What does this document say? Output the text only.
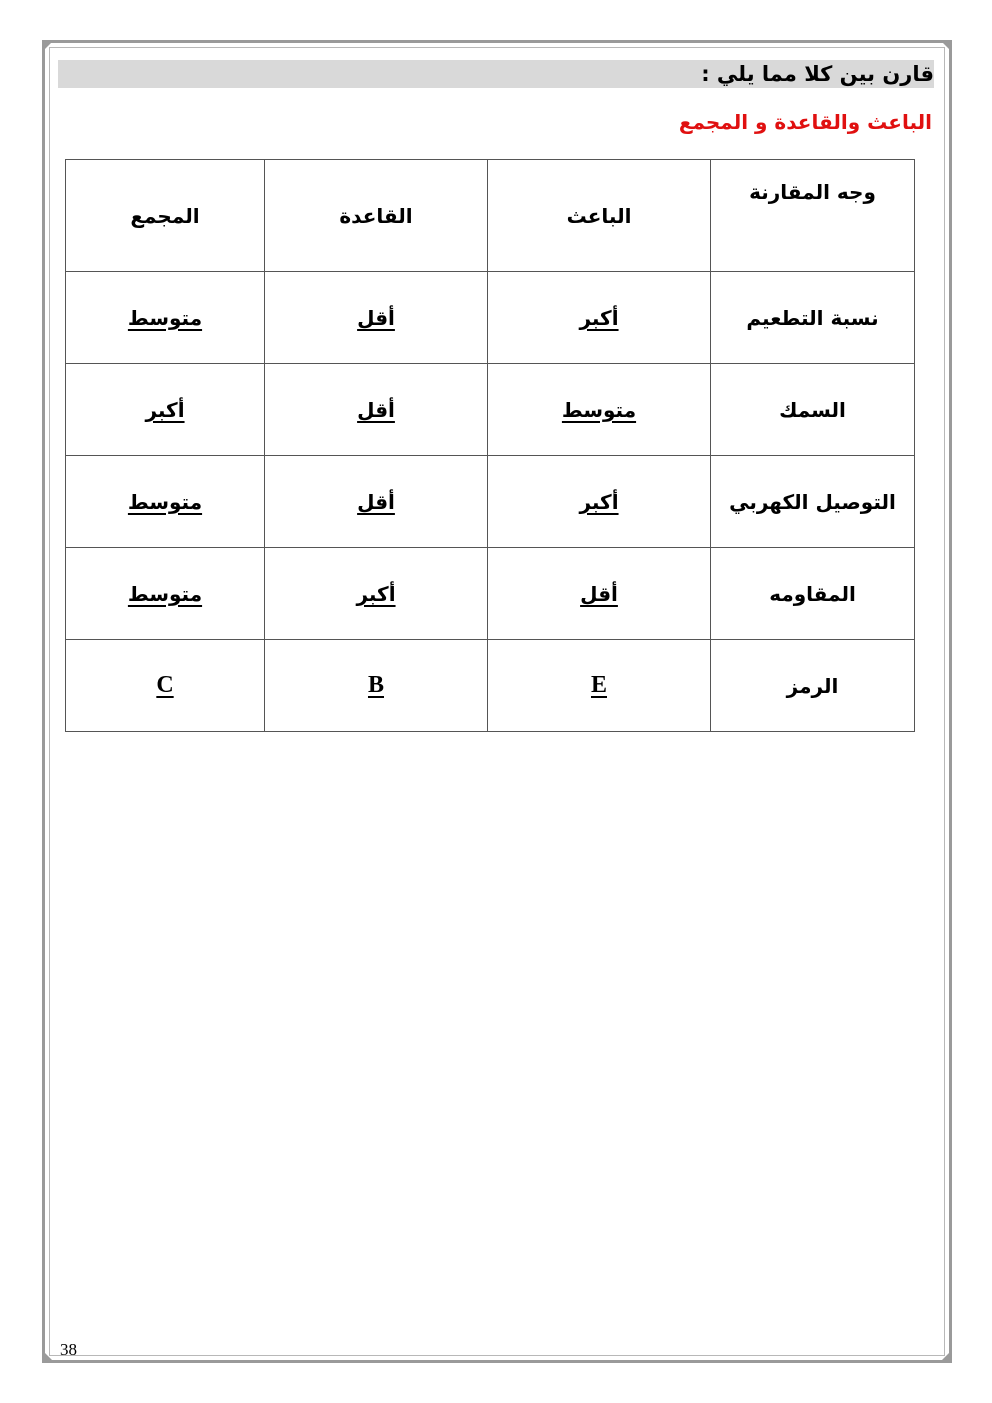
قارن بين كلا مما يلي :
الباعث والقاعدة و المجمع
وجه المقارنة	الباعث	القاعدة	المجمع
نسبة التطعيم	أكبر	أقل	متوسط
السمك	متوسط	أقل	أكبر
التوصيل الكهربي	أكبر	أقل	متوسط
المقاومه	أقل	أكبر	متوسط
الرمز	E	B	C
38
